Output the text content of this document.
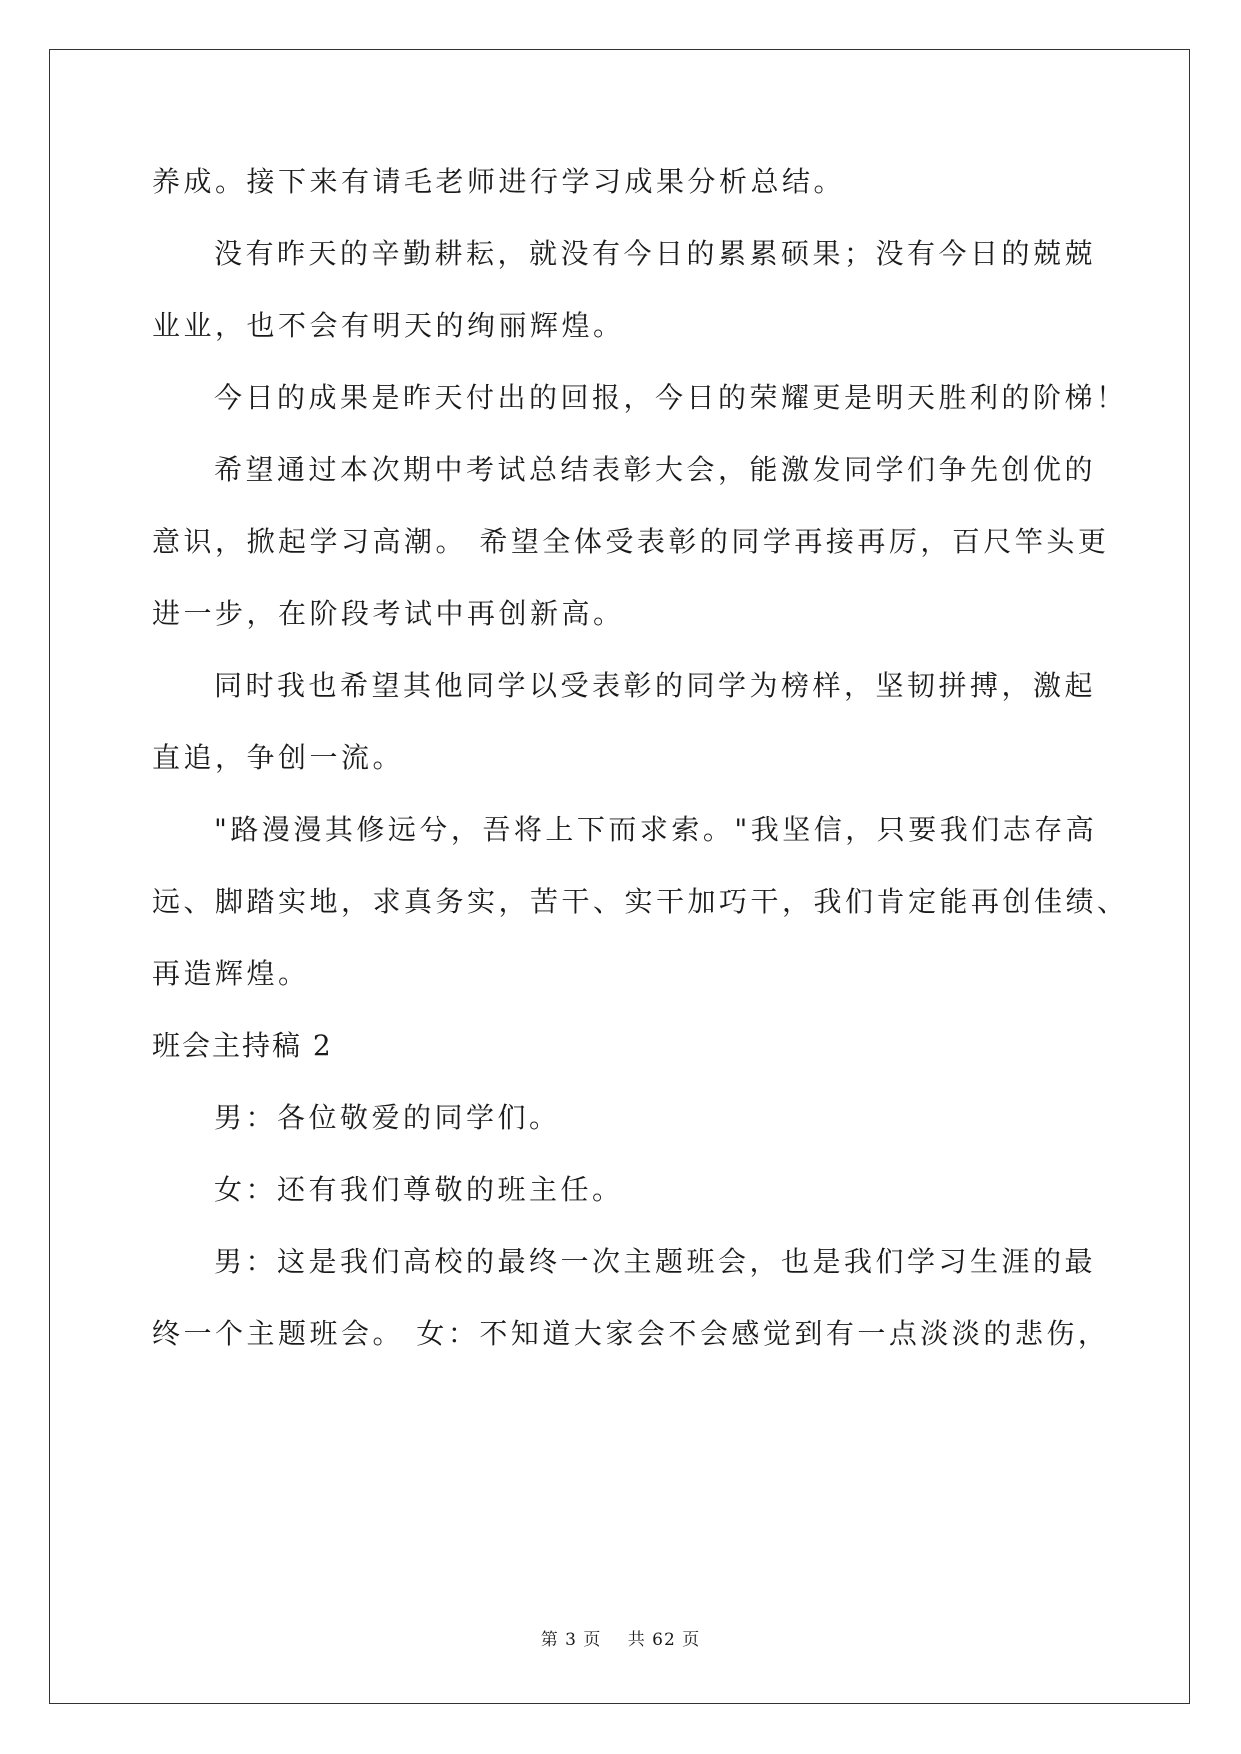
养成。接下来有请毛老师进行学习成果分析总结。
没有昨天的辛勤耕耘，就没有今日的累累硕果；没有今日的兢兢
业业，也不会有明天的绚丽辉煌。
今日的成果是昨天付出的回报，今日的荣耀更是明天胜利的阶梯！
希望通过本次期中考试总结表彰大会，能激发同学们争先创优的
意识，掀起学习高潮。 希望全体受表彰的同学再接再厉，百尺竿头更
进一步，在阶段考试中再创新高。
同时我也希望其他同学以受表彰的同学为榜样，坚韧拼搏，激起
直追，争创一流。
"路漫漫其修远兮，吾将上下而求索。"我坚信，只要我们志存高
远、脚踏实地，求真务实，苦干、实干加巧干，我们肯定能再创佳绩、
再造辉煌。
班会主持稿 2
男：各位敬爱的同学们。
女：还有我们尊敬的班主任。
男：这是我们高校的最终一次主题班会，也是我们学习生涯的最
终一个主题班会。 女：不知道大家会不会感觉到有一点淡淡的悲伤，
第 3 页 共 62 页
